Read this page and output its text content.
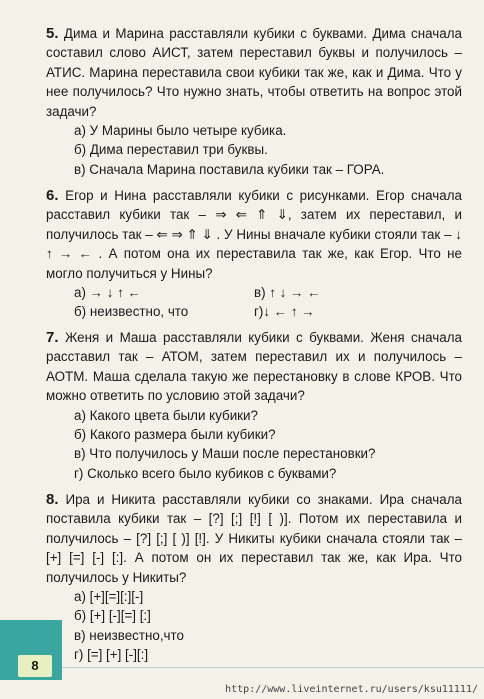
5. Дима и Марина расставляли кубики с буквами. Дима сначала составил слово АИСТ, затем переставил буквы и получилось – АТИС. Марина переставила свои кубики так же, как и Дима. Что у нее получилось? Что нужно знать, чтобы ответить на вопрос этой задачи?

а) У Марины было четыре кубика.
б) Дима переставил три буквы.
в) Сначала Марина поставила кубики так – ГОРА.

6. Егор и Нина расставляли кубики с рисунками. Егор сначала расставил кубики так – ⇒ ⇐ ⇑ ⇓, затем их переставил, и получилось так – ⇐ ⇒ ⇑ ⇓ . У Нины вначале кубики стояли так – ↓ ↑ → ← . А потом она их переставила так же, как Егор. Что не могло получиться у Нины?

а) → ↓ ↑ ←	в) ↑ ↓ → ←
б) неизвестно, что	г)↓ ← ↑ →

7. Женя и Маша расставляли кубики с буквами. Женя сначала расставил так – АТОМ, затем переставил их и получилось – АОТМ. Маша сделала такую же перестановку в слове КРОВ. Что можно ответить по условию этой задачи?

а) Какого цвета были кубики?
б) Какого размера были кубики?
в) Что получилось у Маши после перестановки?
г) Сколько всего было кубиков с буквами?

8. Ира и Никита расставляли кубики со знаками. Ира сначала поставила кубики так – [?] [;] [!] [ )]. Потом их переставила и получилось – [?] [;] [ )] [!]. У Никиты кубики сначала стояли так – [+] [=] [-] [:]. А потом он их переставил так же, как Ира. Что получилось у Никиты?

а) [+][=][:][-]
б) [+] [-][=] [:]
в) неизвестно,что
г) [=] [+] [-][:]
8
http://www.liveinternet.ru/users/ksu11111/
